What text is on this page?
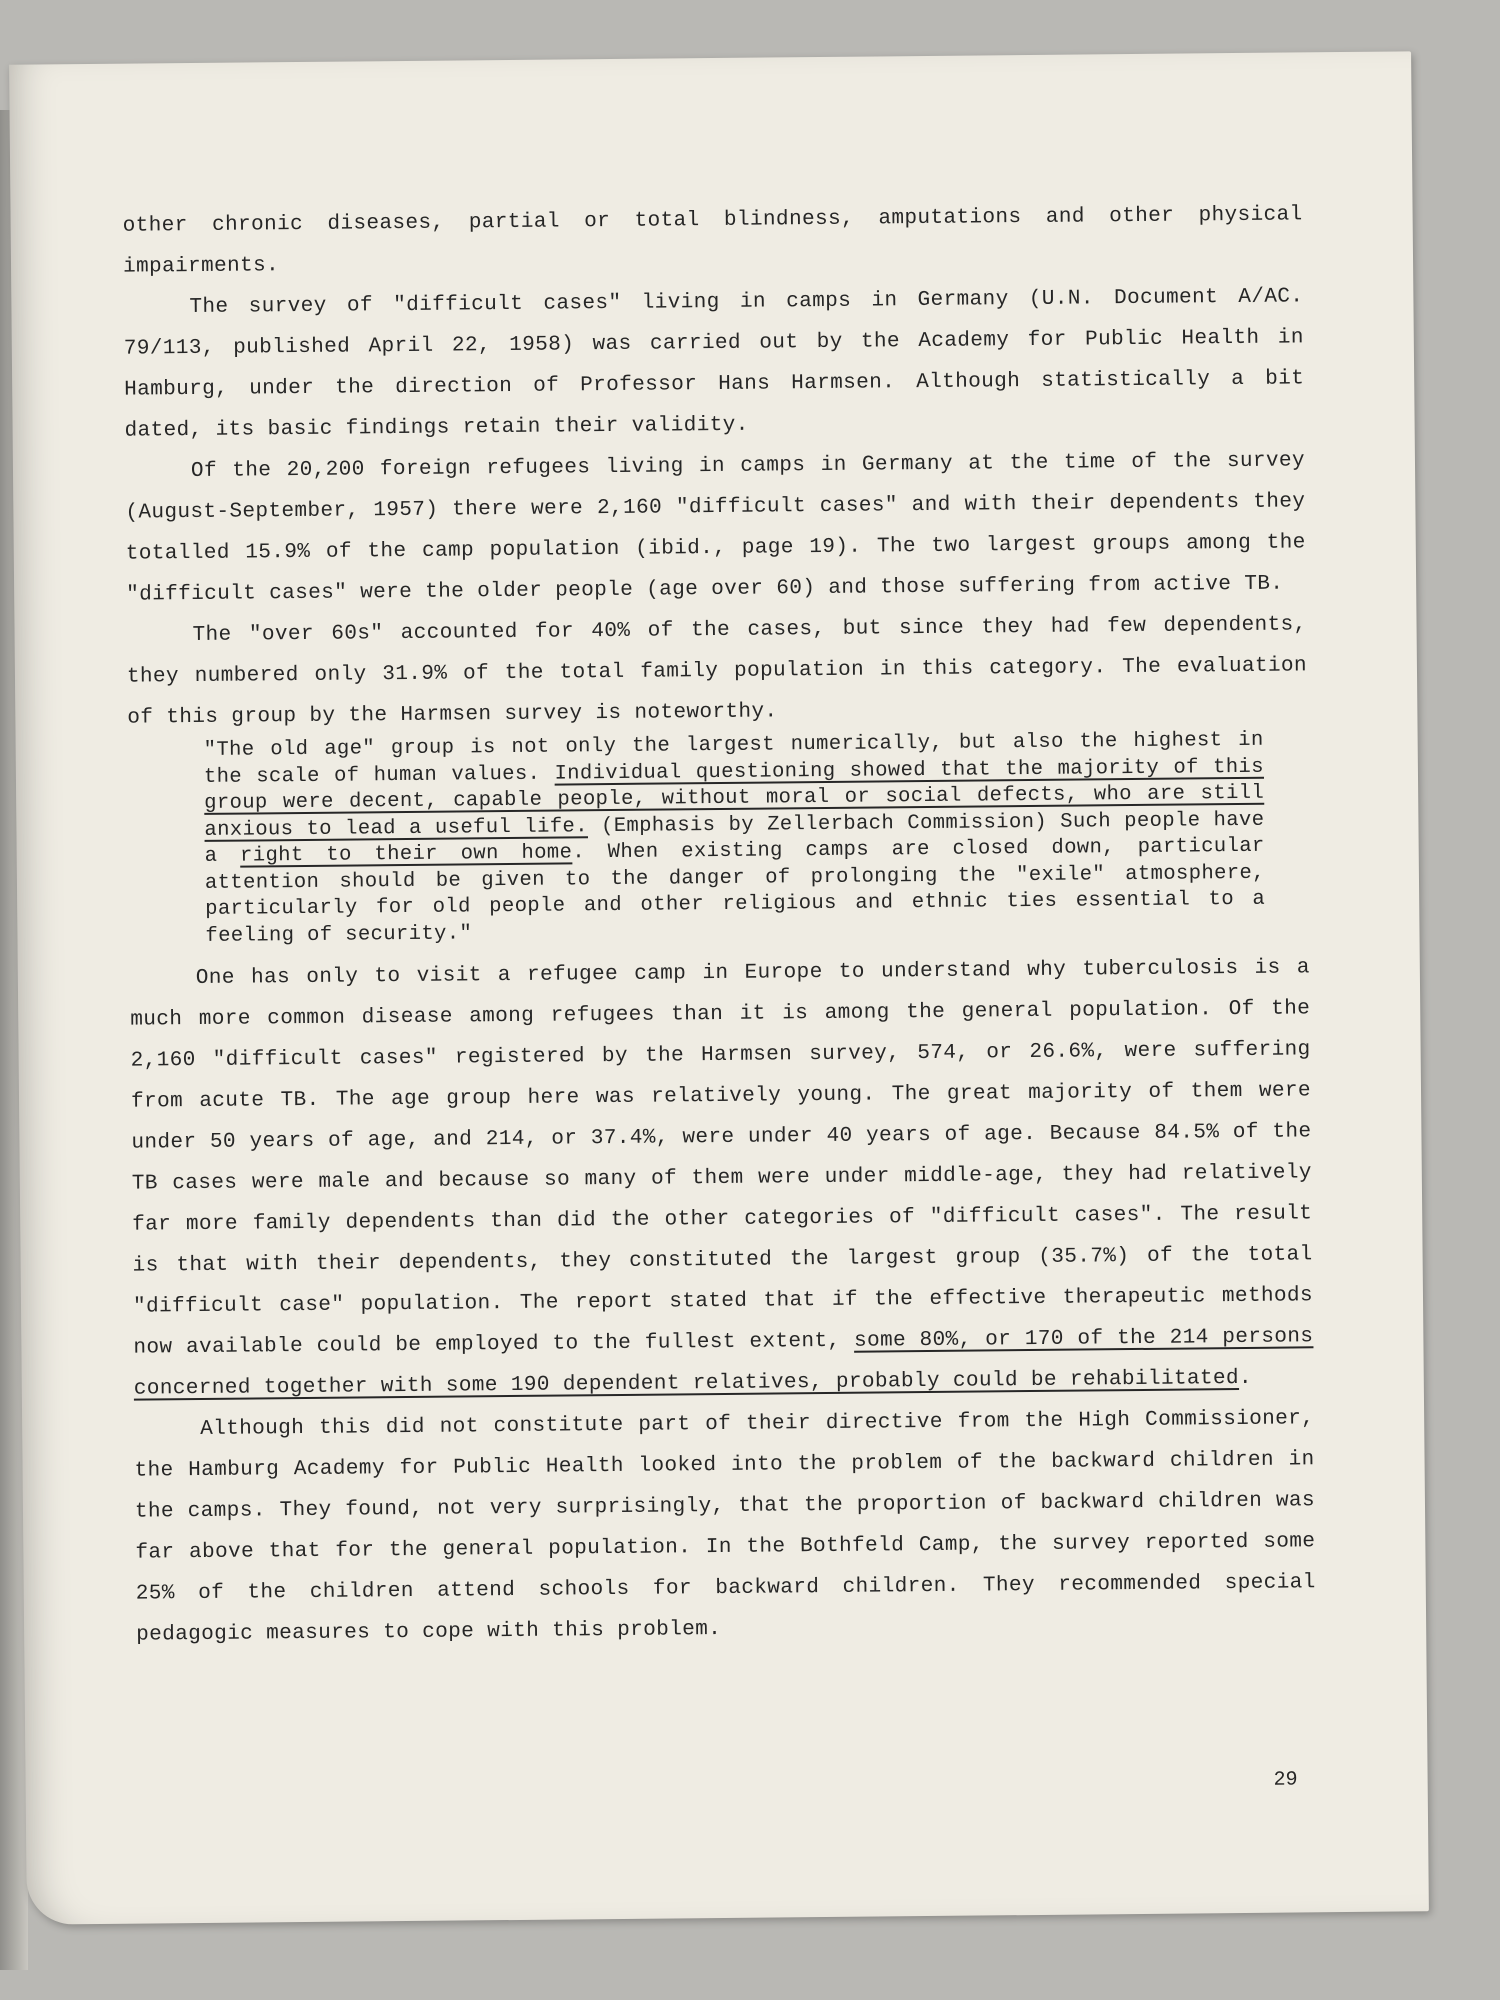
other chronic diseases, partial or total blindness, amputations and other physical impairments.

The survey of "difficult cases" living in camps in Germany (U.N. Document A/AC. 79/113, published April 22, 1958) was carried out by the Academy for Public Health in Hamburg, under the direction of Professor Hans Harmsen. Although statistically a bit dated, its basic findings retain their validity.

Of the 20,200 foreign refugees living in camps in Germany at the time of the survey (August-September, 1957) there were 2,160 "difficult cases" and with their dependents they totalled 15.9% of the camp population (ibid., page 19). The two largest groups among the "difficult cases" were the older people (age over 60) and those suffering from active TB.

The "over 60s" accounted for 40% of the cases, but since they had few dependents, they numbered only 31.9% of the total family population in this category. The evaluation of this group by the Harmsen survey is noteworthy.

"The old age" group is not only the largest numerically, but also the highest in the scale of human values. Individual questioning showed that the majority of this group were decent, capable people, without moral or social defects, who are still anxious to lead a useful life. (Emphasis by Zellerbach Commission) Such people have a right to their own home. When existing camps are closed down, particular attention should be given to the danger of prolonging the "exile" atmosphere, particularly for old people and other religious and ethnic ties essential to a feeling of security."

One has only to visit a refugee camp in Europe to understand why tuberculosis is a much more common disease among refugees than it is among the general population. Of the 2,160 "difficult cases" registered by the Harmsen survey, 574, or 26.6%, were suffering from acute TB. The age group here was relatively young. The great majority of them were under 50 years of age, and 214, or 37.4%, were under 40 years of age. Because 84.5% of the TB cases were male and because so many of them were under middle-age, they had relatively far more family dependents than did the other categories of "difficult cases". The result is that with their dependents, they constituted the largest group (35.7%) of the total "difficult case" population. The report stated that if the effective therapeutic methods now available could be employed to the fullest extent, some 80%, or 170 of the 214 persons concerned together with some 190 dependent relatives, probably could be rehabilitated.

Although this did not constitute part of their directive from the High Commissioner, the Hamburg Academy for Public Health looked into the problem of the backward children in the camps. They found, not very surprisingly, that the proportion of backward children was far above that for the general population. In the Bothfeld Camp, the survey reported some 25% of the children attend schools for backward children. They recommended special pedagogic measures to cope with this problem.

29
